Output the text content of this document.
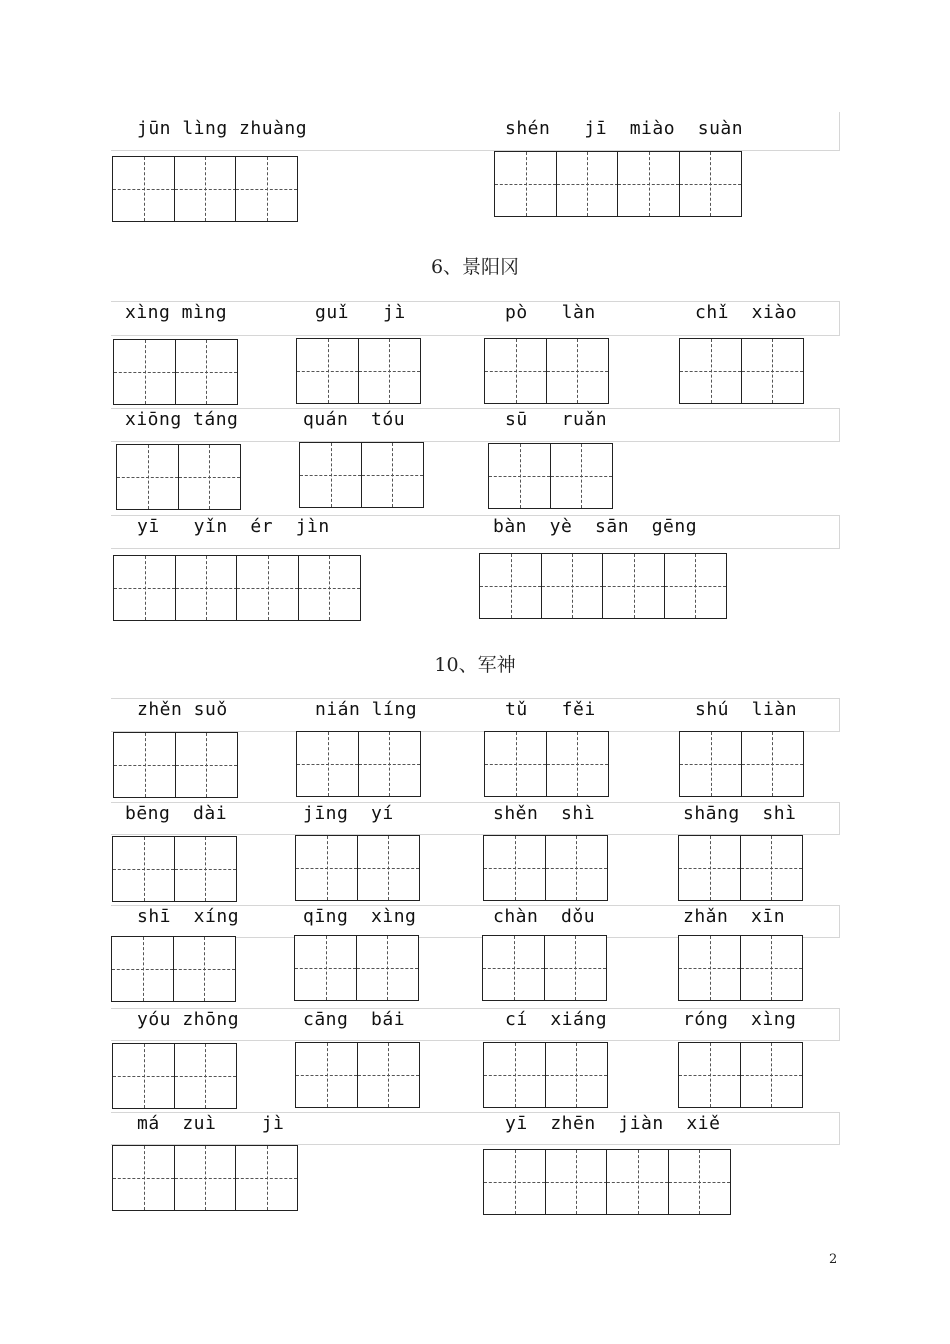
jūn lìng zhuàng	shén   jī  miào  suàn
6、景阳冈
xìng mìng	guǐ   jì	pò   làn	chǐ  xiào
xiōng táng	quán  tóu	sū   ruǎn
yī   yǐn  ér  jìn	bàn  yè  sān  gēng
10、军神
zhěn suǒ	nián líng	tǔ   fěi	shú  liàn
bēng  dài	jīng  yí	shěn  shì	shāng  shì
shī  xíng	qīng  xìng	chàn  dǒu	zhǎn  xīn
yóu zhōng	cāng  bái	cí  xiáng	róng  xìng
má  zuì    jì	yī  zhēn  jiàn  xiě
2
